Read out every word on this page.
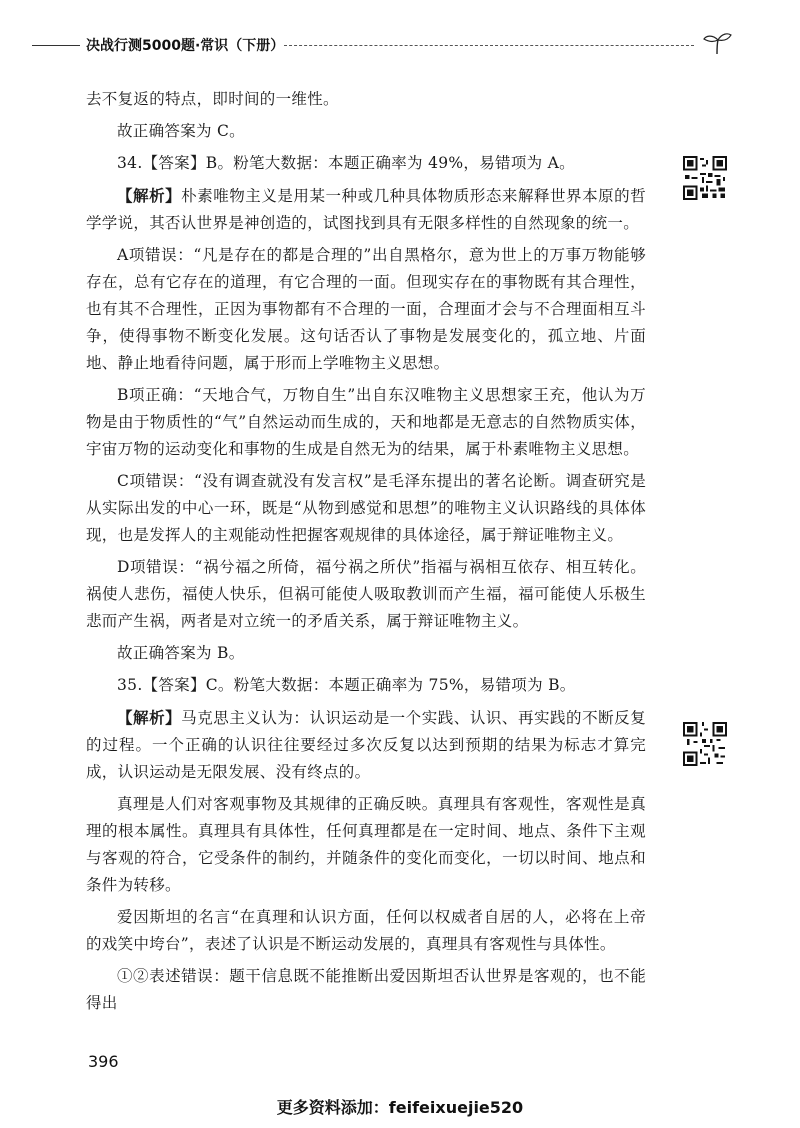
决战行测5000题·常识（下册）

去不复返的特点，即时间的一维性。

故正确答案为 C。

34.【答案】B。粉笔大数据：本题正确率为 49%，易错项为 A。

【解析】朴素唯物主义是用某一种或几种具体物质形态来解释世界本原的哲学学说，其否认世界是神创造的，试图找到具有无限多样性的自然现象的统一。

A项错误：“凡是存在的都是合理的”出自黑格尔，意为世上的万事万物能够存在，总有它存在的道理，有它合理的一面。但现实存在的事物既有其合理性，也有其不合理性，正因为事物都有不合理的一面，合理面才会与不合理面相互斗争，使得事物不断变化发展。这句话否认了事物是发展变化的，孤立地、片面地、静止地看待问题，属于形而上学唯物主义思想。

B项正确：“天地合气，万物自生”出自东汉唯物主义思想家王充，他认为万物是由于物质性的“气”自然运动而生成的，天和地都是无意志的自然物质实体，宇宙万物的运动变化和事物的生成是自然无为的结果，属于朴素唯物主义思想。

C项错误：“没有调查就没有发言权”是毛泽东提出的著名论断。调查研究是从实际出发的中心一环，既是“从物到感觉和思想”的唯物主义认识路线的具体体现，也是发挥人的主观能动性把握客观规律的具体途径，属于辩证唯物主义。

D项错误：“祸兮福之所倚，福兮祸之所伏”指福与祸相互依存、相互转化。祸使人悲伤，福使人快乐，但祸可能使人吸取教训而产生福，福可能使人乐极生悲而产生祸，两者是对立统一的矛盾关系，属于辩证唯物主义。

故正确答案为 B。

35.【答案】C。粉笔大数据：本题正确率为 75%，易错项为 B。

【解析】马克思主义认为：认识运动是一个实践、认识、再实践的不断反复的过程。一个正确的认识往往要经过多次反复以达到预期的结果为标志才算完成，认识运动是无限发展、没有终点的。

真理是人们对客观事物及其规律的正确反映。真理具有客观性，客观性是真理的根本属性。真理具有具体性，任何真理都是在一定时间、地点、条件下主观与客观的符合，它受条件的制约，并随条件的变化而变化，一切以时间、地点和条件为转移。

爱因斯坦的名言“在真理和认识方面，任何以权威者自居的人，必将在上帝的戏笑中垮台”，表述了认识是不断运动发展的，真理具有客观性与具体性。

①②表述错误：题干信息既不能推断出爱因斯坦否认世界是客观的，也不能得出

396
更多资料添加：feifeixuejie520
